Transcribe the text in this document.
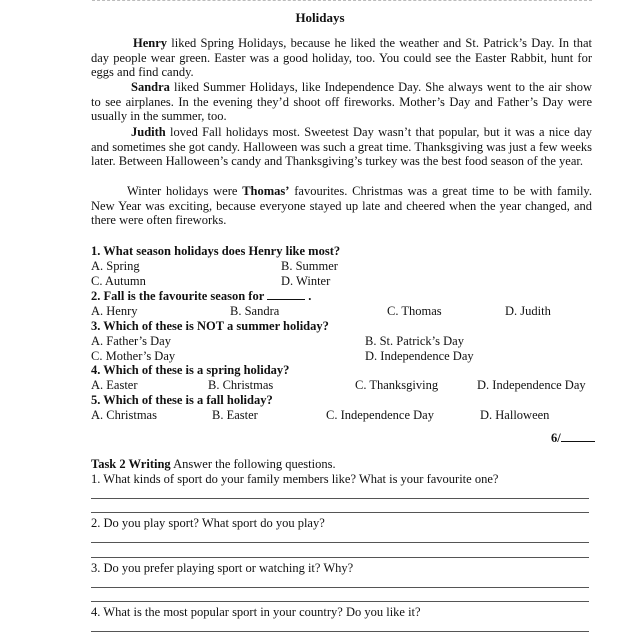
Holidays
Henry liked Spring Holidays, because he liked the weather and St. Patrick’s Day. In that day people wear green. Easter was a good holiday, too. You could see the Easter Rabbit, hunt for eggs and find candy.
Sandra liked Summer Holidays, like Independence Day. She always went to the air show to see airplanes. In the evening they’d shoot off fireworks. Mother’s Day and Father’s Day were usually in the summer, too.
Judith loved Fall holidays most. Sweetest Day wasn’t that popular, but it was a nice day and sometimes she got candy. Halloween was such a great time. Thanksgiving was just a few weeks later. Between Halloween’s candy and Thanksgiving’s turkey was the best food season of the year.
Winter holidays were Thomas’ favourites. Christmas was a great time to be with family. New Year was exciting, because everyone stayed up late and cheered when the year changed, and there were often fireworks.
1. What season holidays does Henry like most?
A. Spring	B. Summer
C. Autumn	D. Winter
2. Fall is the favourite season for	.
A. Henry	B. Sandra	C. Thomas	D. Judith
3. Which of these is NOT a summer holiday?
A. Father’s Day	B. St. Patrick’s Day
C. Mother’s Day	D. Independence Day
4. Which of these is a spring holiday?
A. Easter	B. Christmas	C. Thanksgiving	D. Independence Day
5. Which of these is a fall holiday?
A. Christmas	B. Easter	C. Independence Day	D. Halloween
6/
Task 2 Writing Answer the following questions.
1. What kinds of sport do your family members like? What is your favourite one?
2. Do you play sport? What sport do you play?
3. Do you prefer playing sport or watching it? Why?
4. What is the most popular sport in your country? Do you like it?
